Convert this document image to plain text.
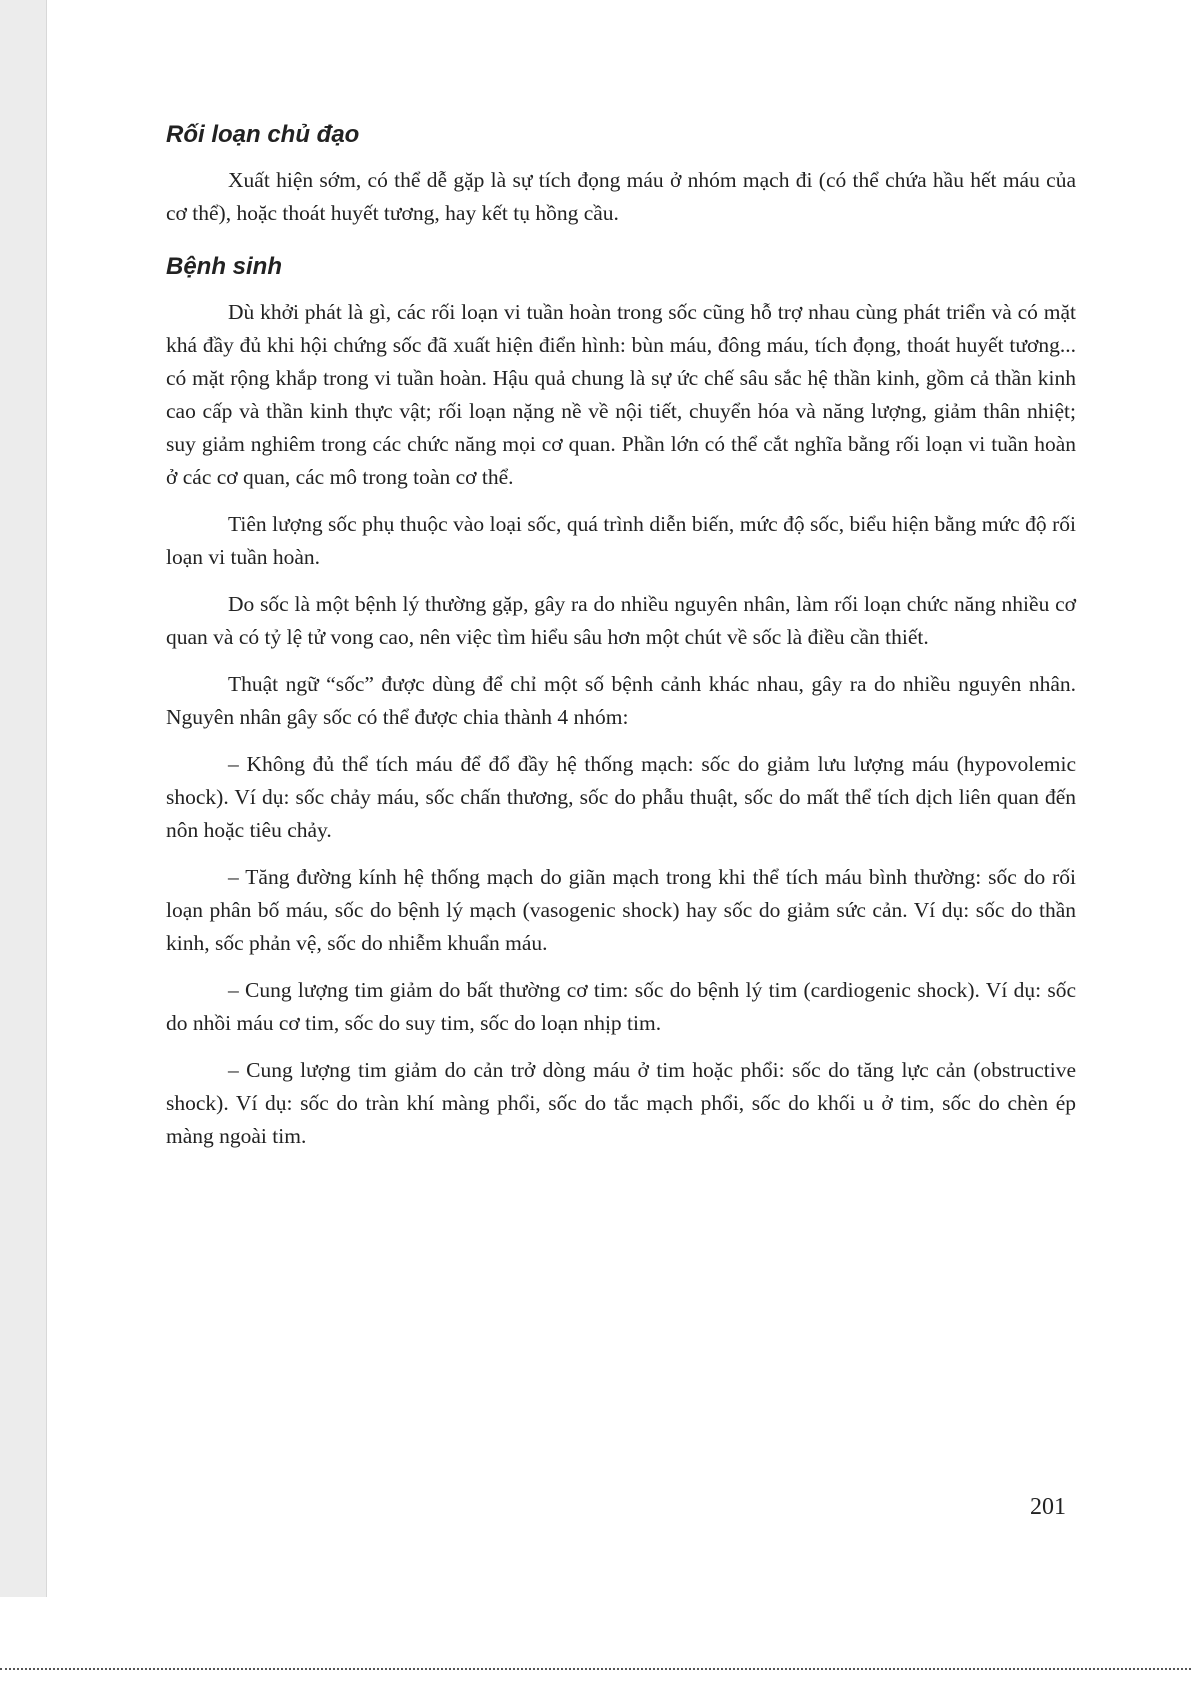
Rối loạn chủ đạo

Xuất hiện sớm, có thể dễ gặp là sự tích đọng máu ở nhóm mạch đi (có thể chứa hầu hết máu của cơ thể), hoặc thoát huyết tương, hay kết tụ hồng cầu.

Bệnh sinh

Dù khởi phát là gì, các rối loạn vi tuần hoàn trong sốc cũng hỗ trợ nhau cùng phát triển và có mặt khá đầy đủ khi hội chứng sốc đã xuất hiện điển hình: bùn máu, đông máu, tích đọng, thoát huyết tương... có mặt rộng khắp trong vi tuần hoàn. Hậu quả chung là sự ức chế sâu sắc hệ thần kinh, gồm cả thần kinh cao cấp và thần kinh thực vật; rối loạn nặng nề về nội tiết, chuyển hóa và năng lượng, giảm thân nhiệt; suy giảm nghiêm trong các chức năng mọi cơ quan. Phần lớn có thể cắt nghĩa bằng rối loạn vi tuần hoàn ở các cơ quan, các mô trong toàn cơ thể.

Tiên lượng sốc phụ thuộc vào loại sốc, quá trình diễn biến, mức độ sốc, biểu hiện bằng mức độ rối loạn vi tuần hoàn.

Do sốc là một bệnh lý thường gặp, gây ra do nhiều nguyên nhân, làm rối loạn chức năng nhiều cơ quan và có tỷ lệ tử vong cao, nên việc tìm hiểu sâu hơn một chút về sốc là điều cần thiết.

Thuật ngữ “sốc” được dùng để chỉ một số bệnh cảnh khác nhau, gây ra do nhiều nguyên nhân. Nguyên nhân gây sốc có thể được chia thành 4 nhóm:

– Không đủ thể tích máu để đổ đầy hệ thống mạch: sốc do giảm lưu lượng máu (hypovolemic shock). Ví dụ: sốc chảy máu, sốc chấn thương, sốc do phẫu thuật, sốc do mất thể tích dịch liên quan đến nôn hoặc tiêu chảy.

– Tăng đường kính hệ thống mạch do giãn mạch trong khi thể tích máu bình thường: sốc do rối loạn phân bố máu, sốc do bệnh lý mạch (vasogenic shock) hay sốc do giảm sức cản. Ví dụ: sốc do thần kinh, sốc phản vệ, sốc do nhiễm khuẩn máu.

– Cung lượng tim giảm do bất thường cơ tim: sốc do bệnh lý tim (cardiogenic shock). Ví dụ: sốc do nhồi máu cơ tim, sốc do suy tim, sốc do loạn nhịp tim.

– Cung lượng tim giảm do cản trở dòng máu ở tim hoặc phổi: sốc do tăng lực cản (obstructive shock). Ví dụ: sốc do tràn khí màng phổi, sốc do tắc mạch phổi, sốc do khối u ở tim, sốc do chèn ép màng ngoài tim.

201
